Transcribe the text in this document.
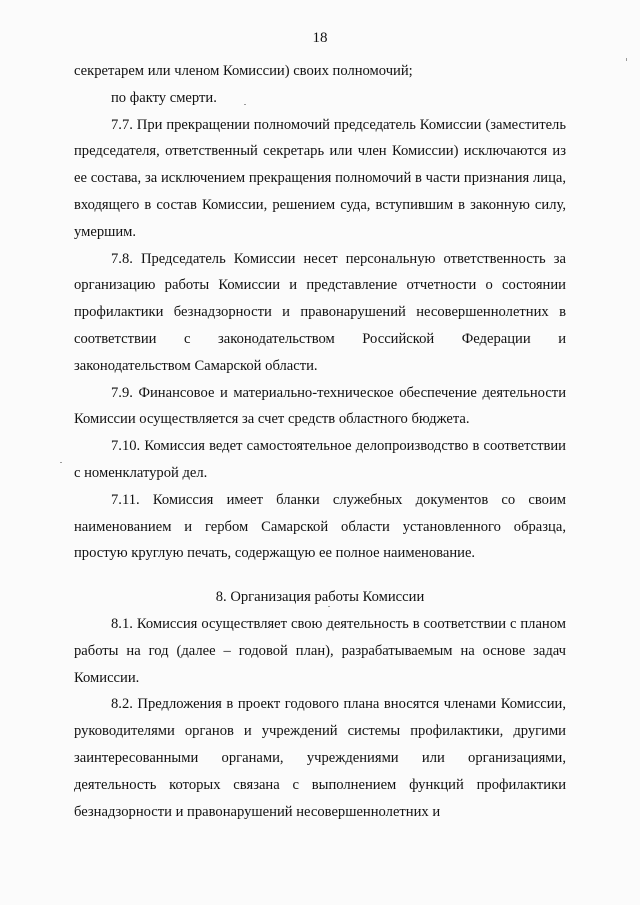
18

секретарем или членом Комиссии) своих полномочий;

по факту смерти.

7.7. При прекращении полномочий председатель Комиссии (заместитель председателя, ответственный секретарь или член Комиссии) исключаются из ее состава, за исключением прекращения полномочий в части признания лица, входящего в состав Комиссии, решением суда, вступившим в законную силу, умершим.

7.8. Председатель Комиссии несет персональную ответственность за организацию работы Комиссии и представление отчетности о состоянии профилактики безнадзорности и правонарушений несовершеннолетних в соответствии с законодательством Российской Федерации и законодательством Самарской области.

7.9. Финансовое и материально-техническое обеспечение деятельности Комиссии осуществляется за счет средств областного бюджета.

7.10. Комиссия ведет самостоятельное делопроизводство в соответствии с номенклатурой дел.

7.11. Комиссия имеет бланки служебных документов со своим наименованием и гербом Самарской области установленного образца, простую круглую печать, содержащую ее полное наименование.

8. Организация работы Комиссии

8.1. Комиссия осуществляет свою деятельность в соответствии с планом работы на год (далее – годовой план), разрабатываемым на основе задач Комиссии.

8.2. Предложения в проект годового плана вносятся членами Комиссии, руководителями органов и учреждений системы профилактики, другими заинтересованными органами, учреждениями или организациями, деятельность которых связана с выполнением функций профилактики безнадзорности и правонарушений несовершеннолетних и
